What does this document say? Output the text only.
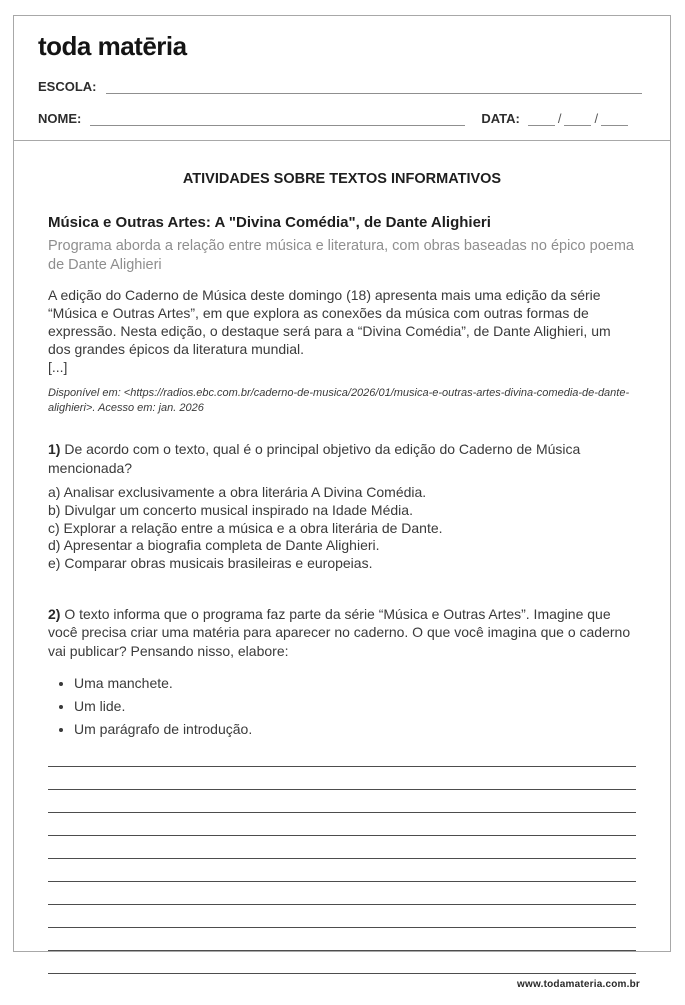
toda matēria
ESCOLA:
NOME:	DATA:	/	/
ATIVIDADES SOBRE TEXTOS INFORMATIVOS
Música e Outras Artes: A "Divina Comédia", de Dante Alighieri

Programa aborda a relação entre música e literatura, com obras baseadas no épico poema de Dante Alighieri

A edição do Caderno de Música deste domingo (18) apresenta mais uma edição da série “Música e Outras Artes”, em que explora as conexões da música com outras formas de expressão. Nesta edição, o destaque será para a “Divina Comédia”, de Dante Alighieri, um dos grandes épicos da literatura mundial.

[...]

Disponível em: <https://radios.ebc.com.br/caderno-de-musica/2026/01/musica-e-outras-artes-divina-comedia-de-dante-alighieri>. Acesso em: jan. 2026

1) De acordo com o texto, qual é o principal objetivo da edição do Caderno de Música mencionada?

a) Analisar exclusivamente a obra literária A Divina Comédia.
b) Divulgar um concerto musical inspirado na Idade Média.
c) Explorar a relação entre a música e a obra literária de Dante.
d) Apresentar a biografia completa de Dante Alighieri.
e) Comparar obras musicais brasileiras e europeias.

2) O texto informa que o programa faz parte da série “Música e Outras Artes”. Imagine que você precisa criar uma matéria para aparecer no caderno. O que você imagina que o caderno vai publicar? Pensando nisso, elabore:

• Uma manchete.
• Um lide.
• Um parágrafo de introdução.
www.todamateria.com.br
